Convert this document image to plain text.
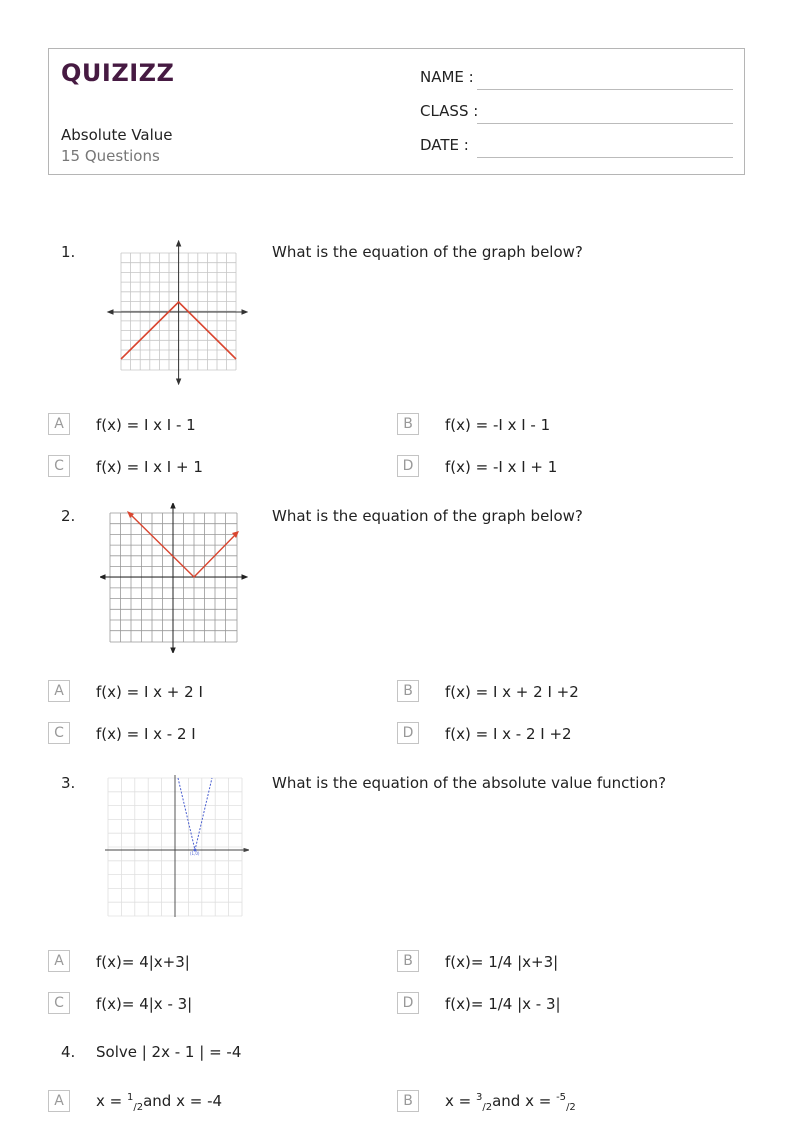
QUIZIZZ
Absolute Value
15 Questions
NAME :
CLASS :
DATE :
1.	What is the equation of the graph below?
A	f(x) = I x I - 1	B	f(x) = -I x I - 1
C	f(x) = I x I + 1	D	f(x) = -I x I + 1
2.	What is the equation of the graph below?
A	f(x) = I x + 2 I	B	f(x) = I x + 2 I +2
C	f(x) = I x - 2 I	D	f(x) = I x - 2 I +2
3.	What is the equation of the absolute value function?
(1,0)
A	f(x)= 4|x+3|	B	f(x)= 1/4 |x+3|
C	f(x)= 4|x - 3|	D	f(x)= 1/4 |x - 3|
4. Solve | 2x - 1 | = -4
A	x = $^1_{/2}$and x = -4	B	x = $^3_{/2}$and x = $^{-5}_{/2}$
